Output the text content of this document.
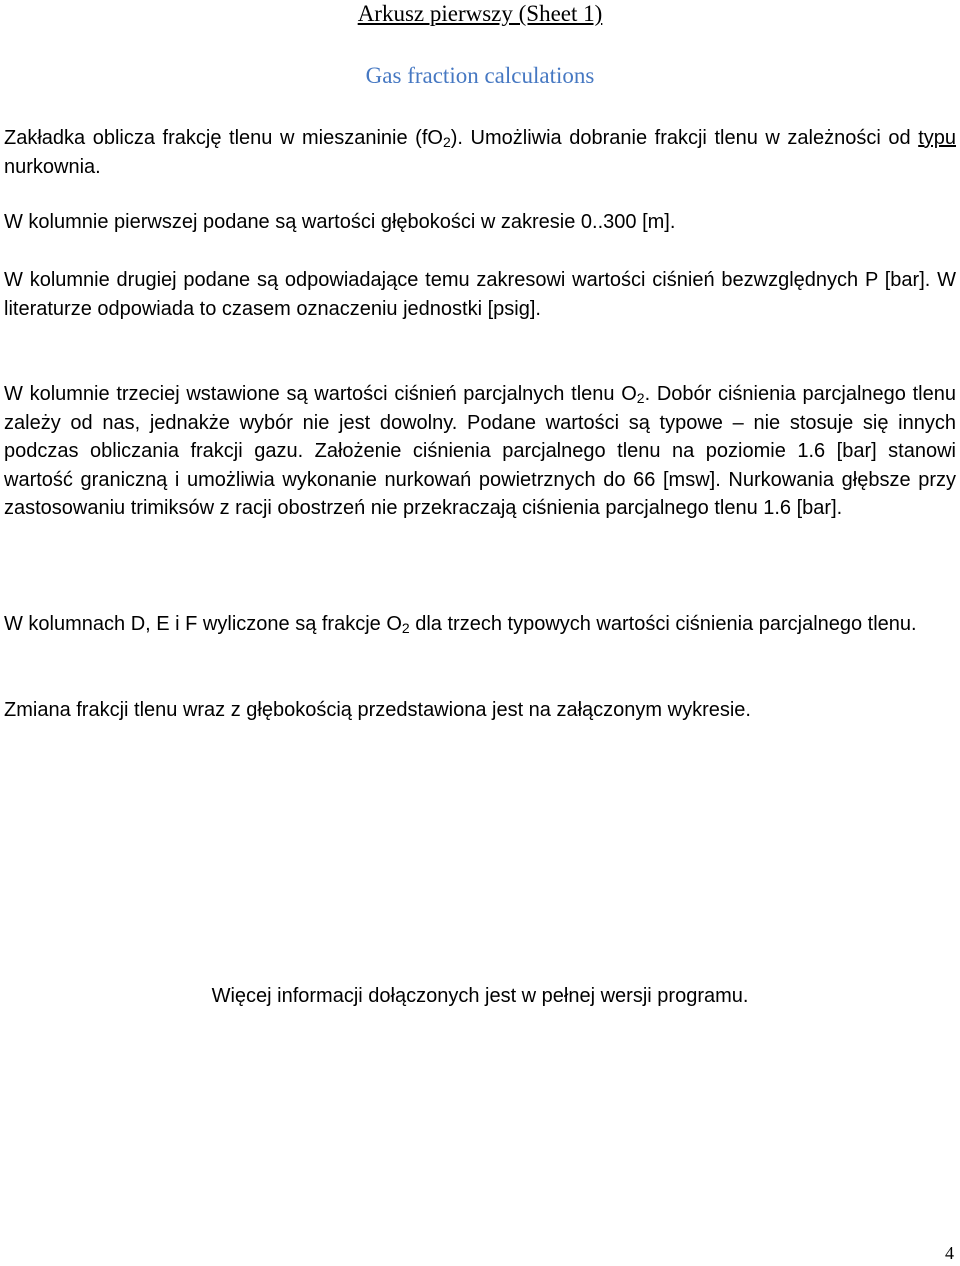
Arkusz pierwszy (Sheet 1)
Gas fraction calculations

Zakładka oblicza frakcję tlenu w mieszaninie $(fO_2)$. Umożliwia dobranie frakcji tlenu w zależności od typu nurkownia.

W kolumnie pierwszej podane są wartości głębokości w zakresie 0..300 [m].

W kolumnie drugiej podane są odpowiadające temu zakresowi wartości ciśnień bezwzględnych P [bar]. W literaturze odpowiada to czasem oznaczeniu jednostki [psig].

W kolumnie trzeciej wstawione są wartości ciśnień parcjalnych tlenu $O_2$. Dobór ciśnienia parcjalnego tlenu zależy od nas, jednakże wybór nie jest dowolny. Podane wartości są typowe – nie stosuje się innych podczas obliczania frakcji gazu. Założenie ciśnienia parcjalnego tlenu na poziomie 1.6 [bar] stanowi wartość graniczną i umożliwia wykonanie nurkowań powietrznych do 66 [msw]. Nurkowania głębsze przy zastosowaniu trimiksów z racji obostrzeń nie przekraczają ciśnienia parcjalnego tlenu 1.6 [bar].

W kolumnach D, E i F wyliczone są frakcje $O_2$ dla trzech typowych wartości ciśnienia parcjalnego tlenu.

Zmiana frakcji tlenu wraz z głębokością przedstawiona jest na załączonym wykresie.

Więcej informacji dołączonych jest w pełnej wersji programu.
4
